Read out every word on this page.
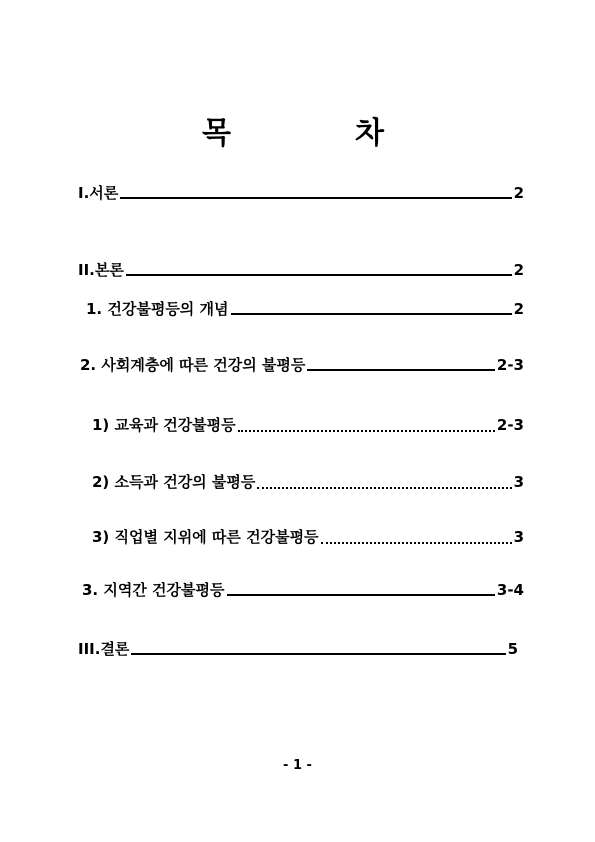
목	차
I.서론	2
II.본론	2
1. 건강불평등의 개념	2
2. 사회계층에 따른 건강의 불평등	2-3
1) 교육과 건강불평등	2-3
2) 소득과 건강의 불평등	3
3) 직업별 지위에 따른 건강불평등	3
3. 지역간 건강불평등	3-4
III.결론	5
- 1 -
